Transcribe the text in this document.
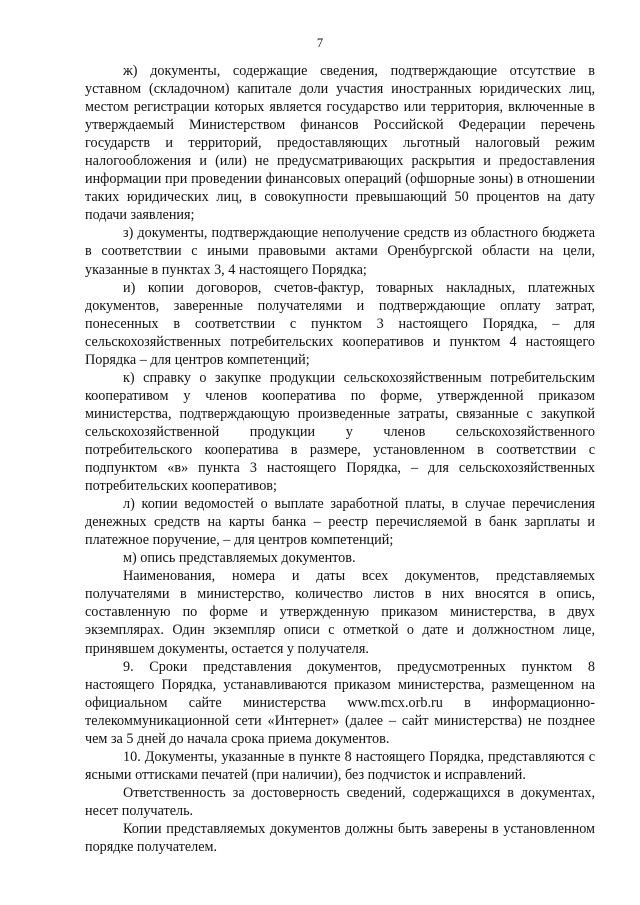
7

ж) документы, содержащие сведения, подтверждающие отсутствие в уставном (складочном) капитале доли участия иностранных юридических лиц, местом регистрации которых является государство или территория, включенные в утверждаемый Министерством финансов Российской Федерации перечень государств и территорий, предоставляющих льготный налоговый режим налогообложения и (или) не предусматривающих раскрытия и предоставления информации при проведении финансовых операций (офшорные зоны) в отношении таких юридических лиц, в совокупности превышающий 50 процентов на дату подачи заявления;

з) документы, подтверждающие неполучение средств из областного бюджета в соответствии с иными правовыми актами Оренбургской области на цели, указанные в пунктах 3, 4 настоящего Порядка;

и) копии договоров, счетов-фактур, товарных накладных, платежных документов, заверенные получателями и подтверждающие оплату затрат, понесенных в соответствии с пунктом 3 настоящего Порядка, – для сельскохозяйственных потребительских кооперативов и пунктом 4 настоящего Порядка – для центров компетенций;

к) справку о закупке продукции сельскохозяйственным потребительским кооперативом у членов кооператива по форме, утвержденной приказом министерства, подтверждающую произведенные затраты, связанные с закупкой сельскохозяйственной продукции у членов сельскохозяйственного потребительского кооператива в размере, установленном в соответствии с подпунктом «в» пункта 3 настоящего Порядка, – для сельскохозяйственных потребительских кооперативов;

л) копии ведомостей о выплате заработной платы, в случае перечисления денежных средств на карты банка – реестр перечисляемой в банк зарплаты и платежное поручение, – для центров компетенций;

м) опись представляемых документов.

Наименования, номера и даты всех документов, представляемых получателями в министерство, количество листов в них вносятся в опись, составленную по форме и утвержденную приказом министерства, в двух экземплярах. Один экземпляр описи с отметкой о дате и должностном лице, принявшем документы, остается у получателя.

9. Сроки представления документов, предусмотренных пунктом 8 настоящего Порядка, устанавливаются приказом министерства, размещенном на официальном сайте министерства www.mcx.orb.ru в информационно-телекоммуникационной сети «Интернет» (далее – сайт министерства) не позднее чем за 5 дней до начала срока приема документов.

10. Документы, указанные в пункте 8 настоящего Порядка, представляются с ясными оттисками печатей (при наличии), без подчисток и исправлений.

Ответственность за достоверность сведений, содержащихся в документах, несет получатель.

Копии представляемых документов должны быть заверены в установленном порядке получателем.
